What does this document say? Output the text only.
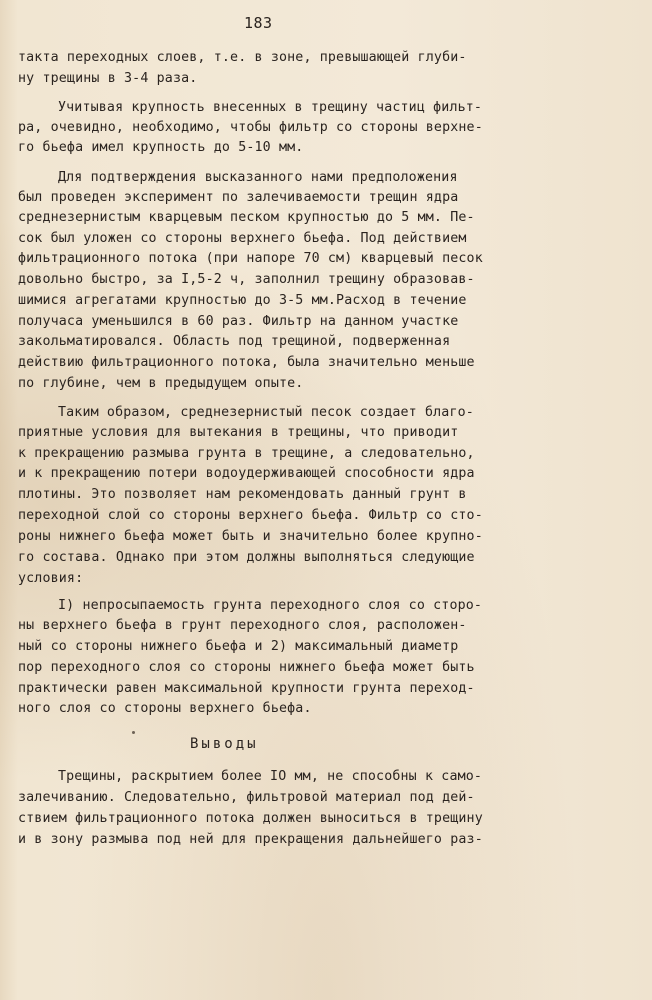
183
такта переходных слоев, т.е. в зоне, превышающей глуби-
ну трещины в 3-4 раза.
Учитывая крупность внесенных в трещину частиц фильт-
ра, очевидно, необходимо, чтобы фильтр со стороны верхне-
го бьефа имел крупность до 5-10 мм.
Для подтверждения высказанного нами предположения
был проведен эксперимент по залечиваемости трещин ядра
среднезернистым кварцевым песком крупностью до 5 мм. Пе-
сок был уложен со стороны верхнего бьефа. Под действием
фильтрационного потока (при напоре 70 см) кварцевый песок
довольно быстро, за I,5-2 ч, заполнил трещину образовав-
шимися агрегатами крупностью до 3-5 мм.Расход в течение
получаса уменьшился в 60 раз. Фильтр на данном участке
закольматировался. Область под трещиной, подверженная
действию фильтрационного потока, была значительно меньше
по глубине, чем в предыдущем опыте.
Таким образом, среднезернистый песок создает благо-
приятные условия для вытекания в трещины, что приводит
к прекращению размыва грунта в трещине, а следовательно,
и к прекращению потери водоудерживающей способности ядра
плотины. Это позволяет нам рекомендовать данный грунт в
переходной слой со стороны верхнего бьефа. Фильтр со сто-
роны нижнего бьефа может быть и значительно более крупно-
го состава. Однако при этом должны выполняться следующие
условия:
I) непросыпаемость грунта переходного слоя со сторо-
ны верхнего бьефа в грунт переходного слоя, расположен-
ный со стороны нижнего бьефа и 2) максимальный диаметр
пор переходного слоя со стороны нижнего бьефа может быть
практически равен максимальной крупности грунта переход-
ного слоя со стороны верхнего бьефа.
Выводы
Трещины, раскрытием более IO мм, не способны к само-
залечиванию. Следовательно, фильтровой материал под дей-
ствием фильтрационного потока должен выноситься в трещину
и в зону размыва под ней для прекращения дальнейшего раз-
